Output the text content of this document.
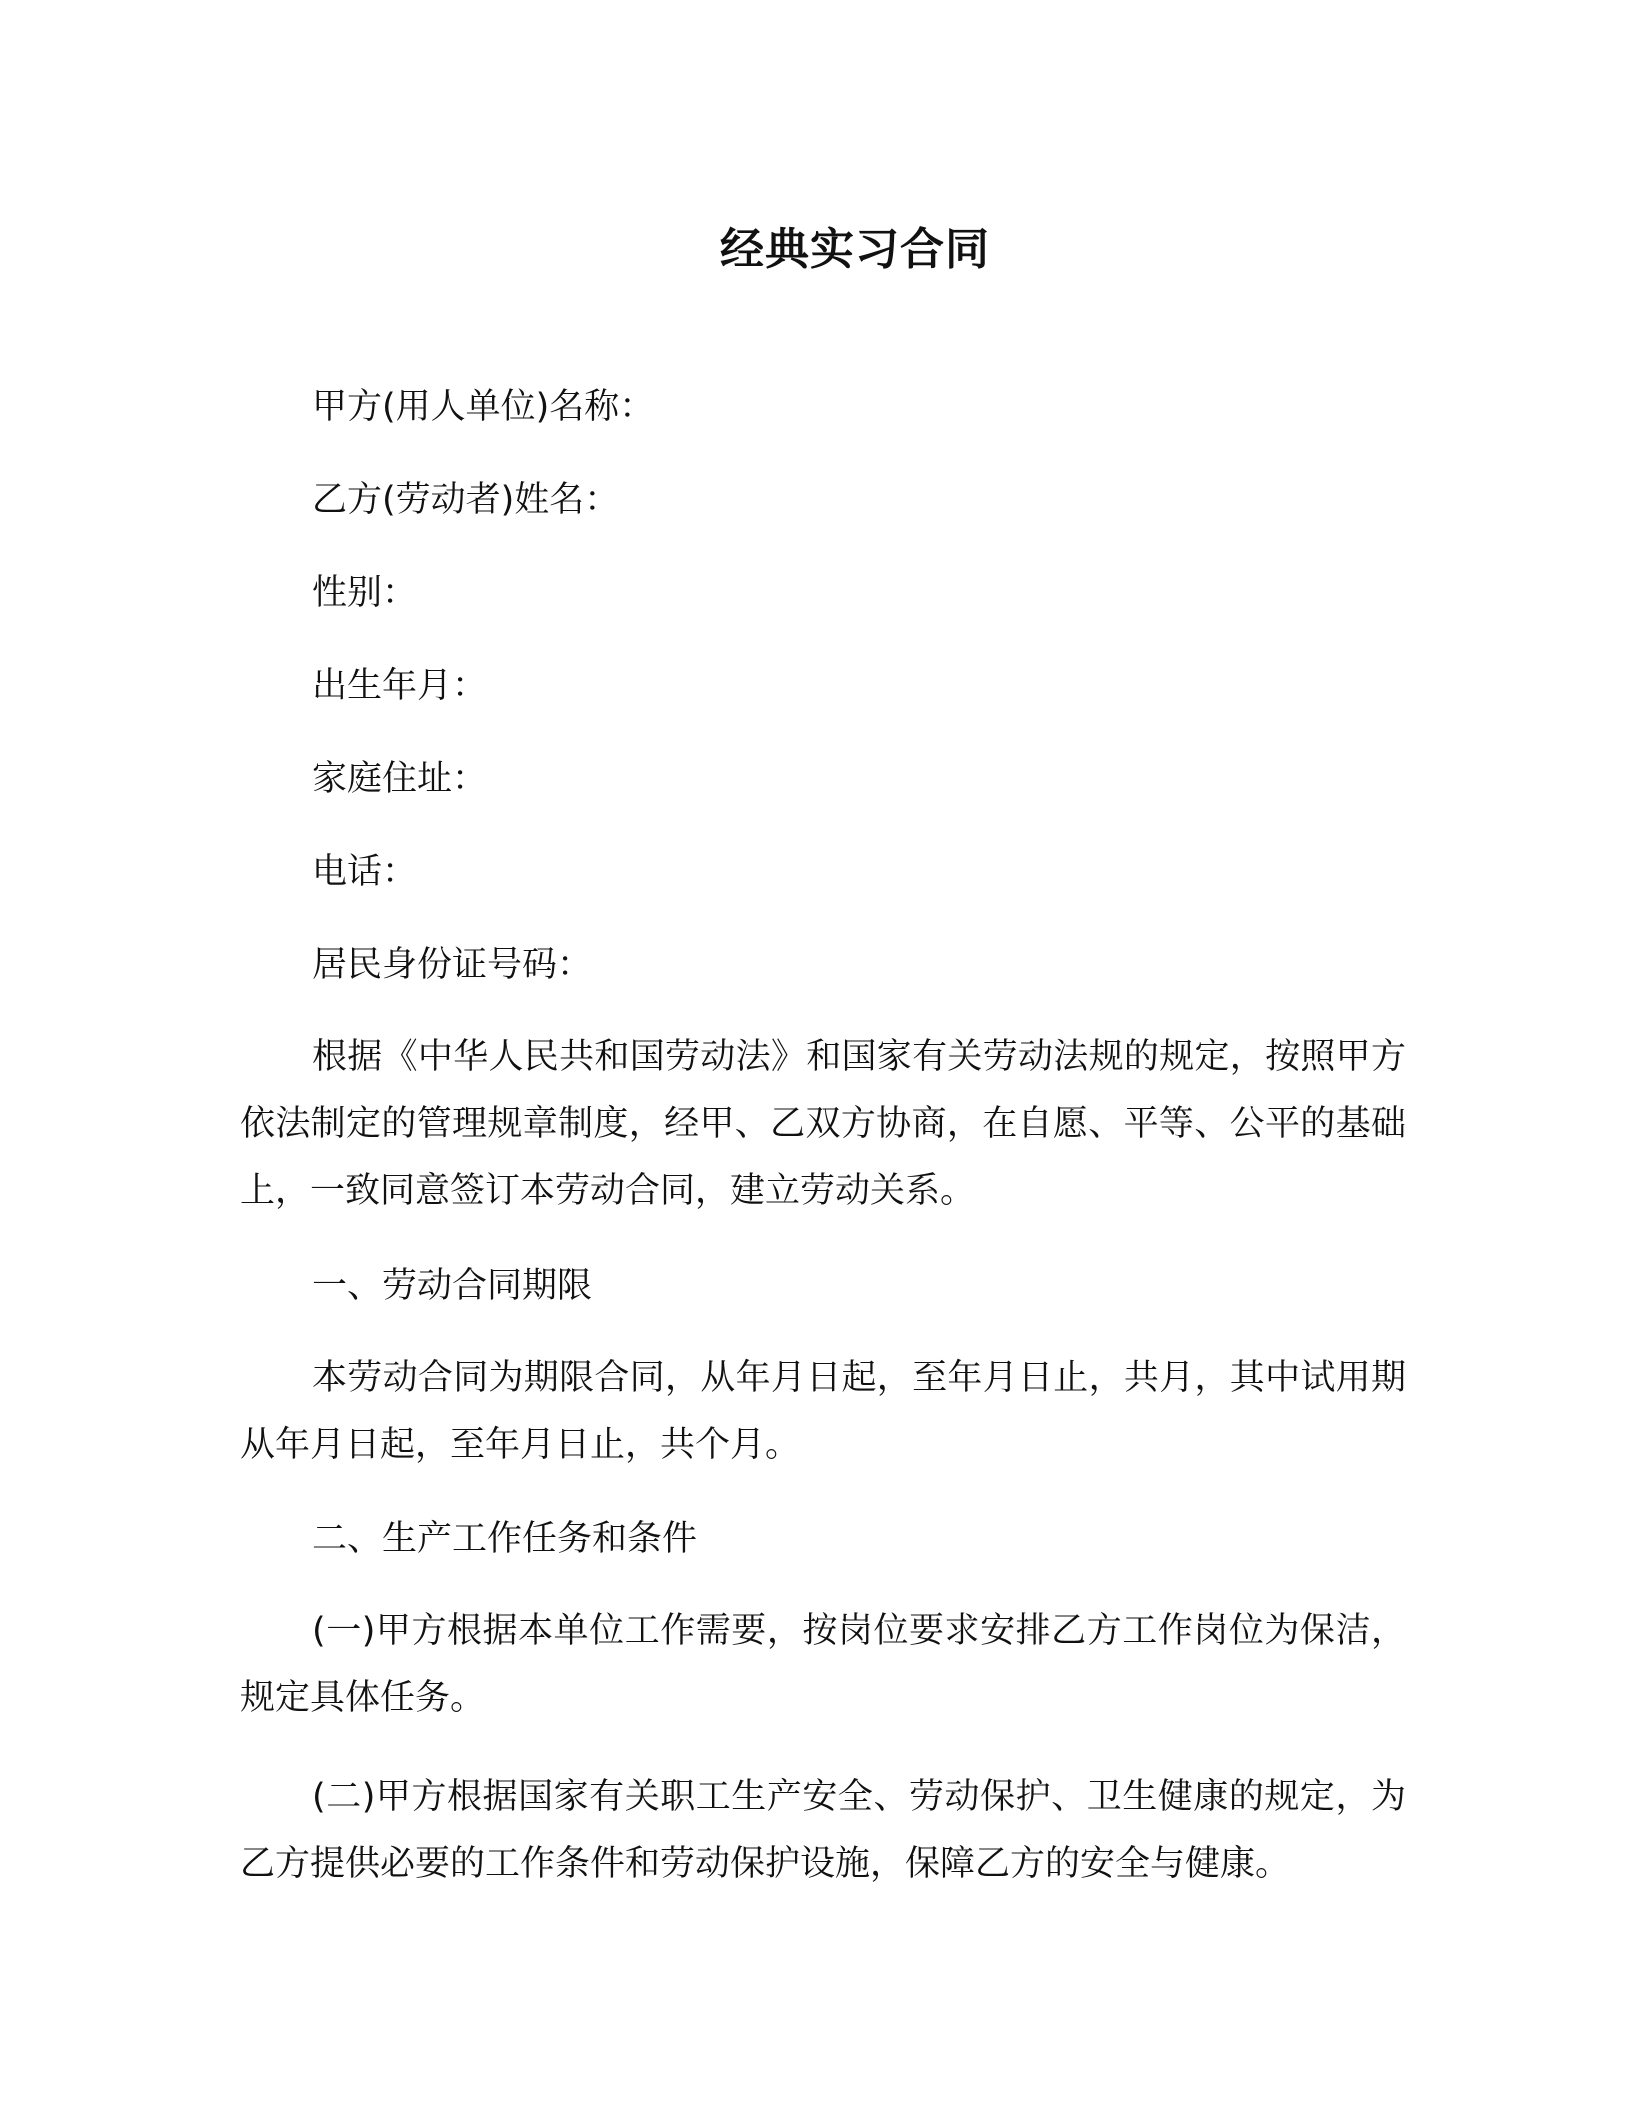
经典实习合同

甲方(用人单位)名称：

乙方(劳动者)姓名：

性别：

出生年月：

家庭住址：

电话：

居民身份证号码：

根据《中华人民共和国劳动法》和国家有关劳动法规的规定，按照甲方依法制定的管理规章制度，经甲、乙双方协商，在自愿、平等、公平的基础上，一致同意签订本劳动合同，建立劳动关系。

一、劳动合同期限

本劳动合同为期限合同，从年月日起，至年月日止，共月，其中试用期从年月日起，至年月日止，共个月。

二、生产工作任务和条件

(一)甲方根据本单位工作需要，按岗位要求安排乙方工作岗位为保洁，规定具体任务。

(二)甲方根据国家有关职工生产安全、劳动保护、卫生健康的规定，为乙方提供必要的工作条件和劳动保护设施，保障乙方的安全与健康。
